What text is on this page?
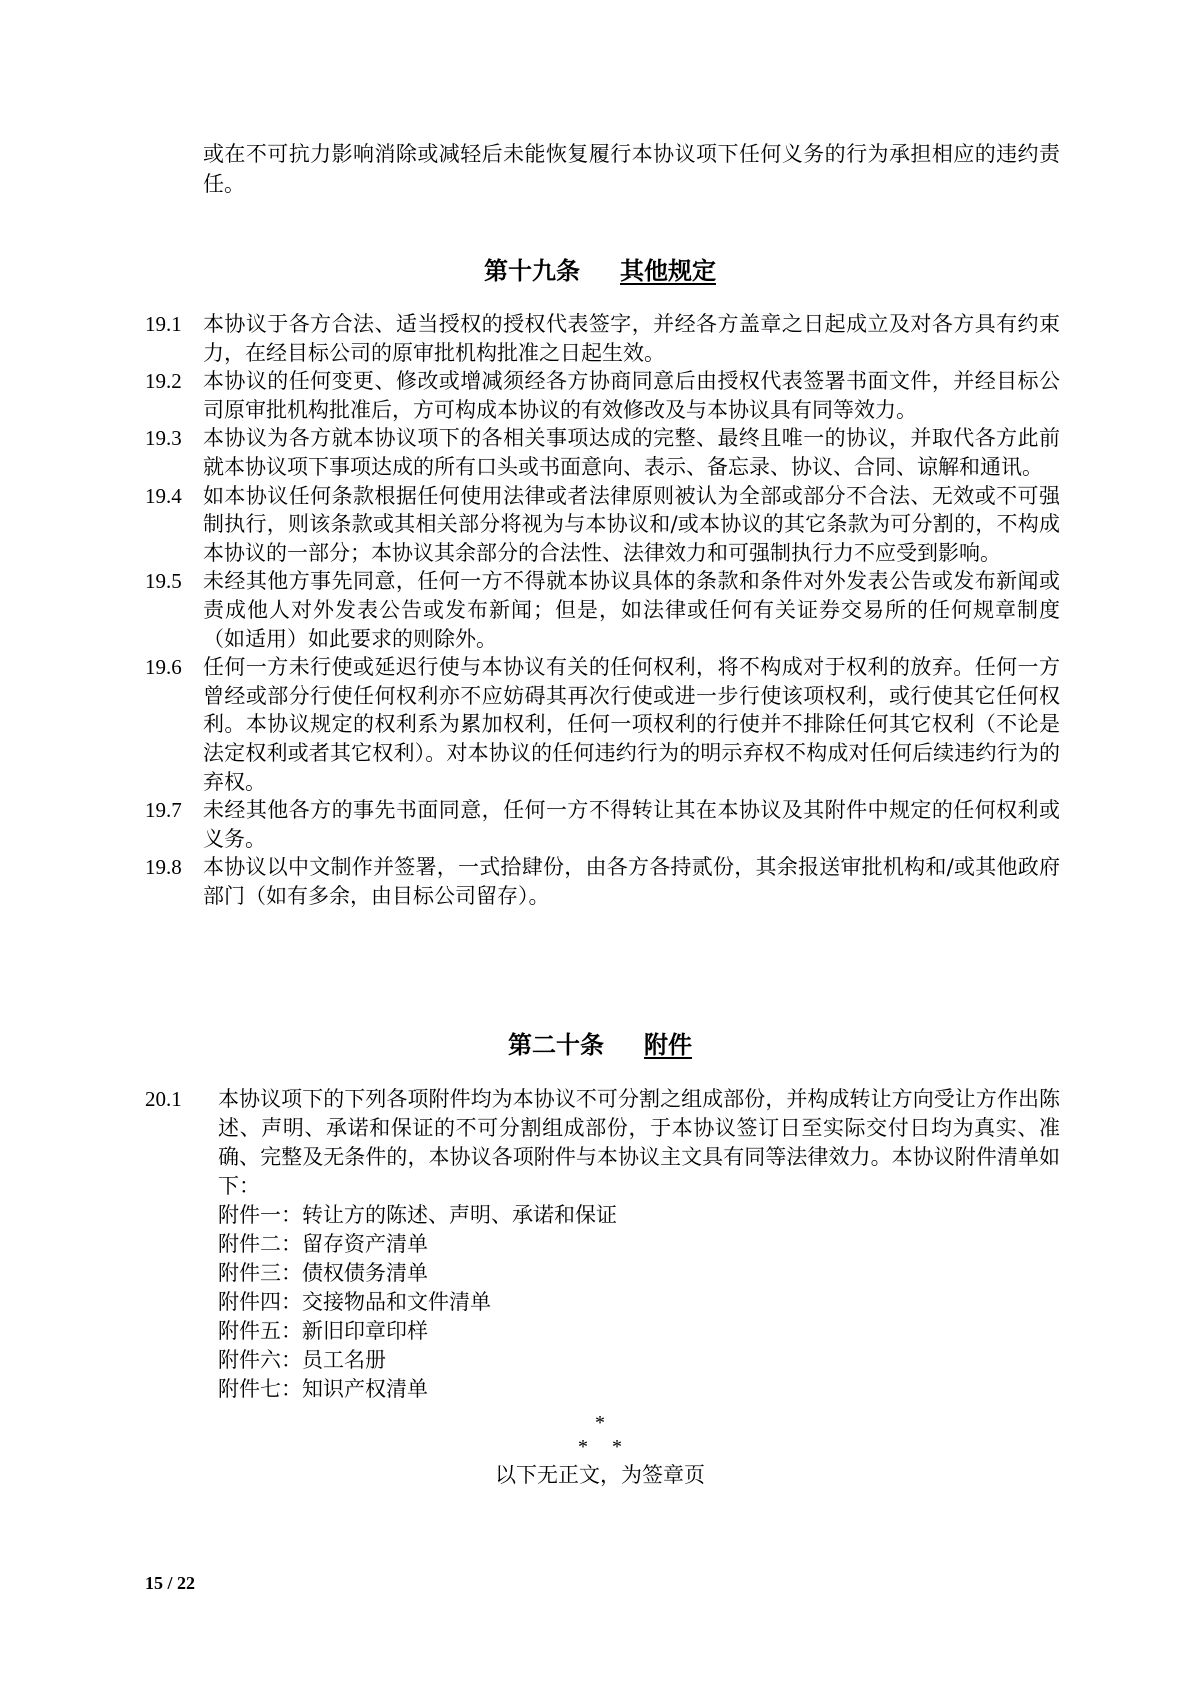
或在不可抗力影响消除或减轻后未能恢复履行本协议项下任何义务的行为承担相应的违约责任。

第十九条 其他规定
19.1	本协议于各方合法、适当授权的授权代表签字，并经各方盖章之日起成立及对各方具有约束力，在经目标公司的原审批机构批准之日起生效。
19.2	本协议的任何变更、修改或增减须经各方协商同意后由授权代表签署书面文件，并经目标公司原审批机构批准后，方可构成本协议的有效修改及与本协议具有同等效力。
19.3	本协议为各方就本协议项下的各相关事项达成的完整、最终且唯一的协议，并取代各方此前就本协议项下事项达成的所有口头或书面意向、表示、备忘录、协议、合同、谅解和通讯。
19.4	如本协议任何条款根据任何使用法律或者法律原则被认为全部或部分不合法、无效或不可强制执行，则该条款或其相关部分将视为与本协议和/或本协议的其它条款为可分割的，不构成本协议的一部分；本协议其余部分的合法性、法律效力和可强制执行力不应受到影响。
19.5	未经其他方事先同意，任何一方不得就本协议具体的条款和条件对外发表公告或发布新闻或责成他人对外发表公告或发布新闻；但是，如法律或任何有关证券交易所的任何规章制度（如适用）如此要求的则除外。
19.6	任何一方未行使或延迟行使与本协议有关的任何权利，将不构成对于权利的放弃。任何一方曾经或部分行使任何权利亦不应妨碍其再次行使或进一步行使该项权利，或行使其它任何权利。本协议规定的权利系为累加权利，任何一项权利的行使并不排除任何其它权利（不论是法定权利或者其它权利）。对本协议的任何违约行为的明示弃权不构成对任何后续违约行为的弃权。
19.7	未经其他各方的事先书面同意，任何一方不得转让其在本协议及其附件中规定的任何权利或义务。
19.8	本协议以中文制作并签署，一式拾肆份，由各方各持贰份，其余报送审批机构和/或其他政府部门（如有多余，由目标公司留存）。
第二十条 附件
20.1	本协议项下的下列各项附件均为本协议不可分割之组成部份，并构成转让方向受让方作出陈述、声明、承诺和保证的不可分割组成部份，于本协议签订日至实际交付日均为真实、准确、完整及无条件的，本协议各项附件与本协议主文具有同等法律效力。本协议附件清单如下：

附件一：转让方的陈述、声明、承诺和保证
附件二：留存资产清单
附件三：债权债务清单
附件四：交接物品和文件清单
附件五：新旧印章印样
附件六：员工名册
附件七：知识产权清单
*
* *

以下无正文，为签章页

15 / 22
